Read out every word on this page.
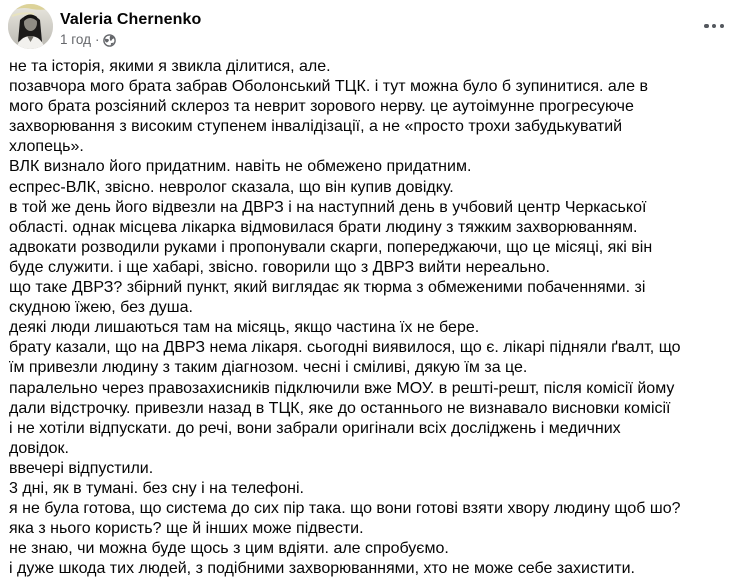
Valeria Chernenko
1 год ·
не та історія, якими я звикла ділитися, але.
позавчора мого брата забрав Оболонський ТЦК. і тут можна було б зупинитися. але в
мого брата розсіяний склероз та неврит зорового нерву. це аутоімунне прогресуюче
захворювання з високим ступенем інвалідізації, а не «просто трохи забудькуватий
хлопець».
ВЛК визнало його придатним. навіть не обмежено придатним.
еспрес-ВЛК, звісно. невролог сказала, що він купив довідку.
в той же день його відвезли на ДВРЗ і на наступний день в учбовий центр Черкаської
області. однак місцева лікарка відмовилася брати людину з тяжким захворюванням.
адвокати розводили руками і пропонували скарги, попереджаючи, що це місяці, які він
буде служити. і ще хабарі, звісно. говорили що з ДВРЗ вийти нереально.
що таке ДВРЗ? збірний пункт, який виглядає як тюрма з обмеженими побаченнями. зі
скудною їжею, без душа.
деякі люди лишаються там на місяць, якщо частина їх не бере.
брату казали, що на ДВРЗ нема лікаря. сьогодні виявилося, що є. лікарі підняли ґвалт, що
їм привезли людину з таким діагнозом. чесні і сміливі, дякую їм за це.
паралельно через правозахисників підключили вже МОУ. в решті-решт, після комісії йому
дали відстрочку. привезли назад в ТЦК, яке до останнього не визнавало висновки комісії
і не хотіли відпускати. до речі, вони забрали оригінали всіх досліджень і медичних
довідок.
ввечері відпустили.
3 дні, як в тумані. без сну і на телефоні.
я не була готова, що система до сих пір така. що вони готові взяти хвору людину щоб шо?
яка з нього користь? ще й інших може підвести.
не знаю, чи можна буде щось з цим вдіяти. але спробуємо.
і дуже шкода тих людей, з подібними захворюваннями, хто не може себе захистити.
